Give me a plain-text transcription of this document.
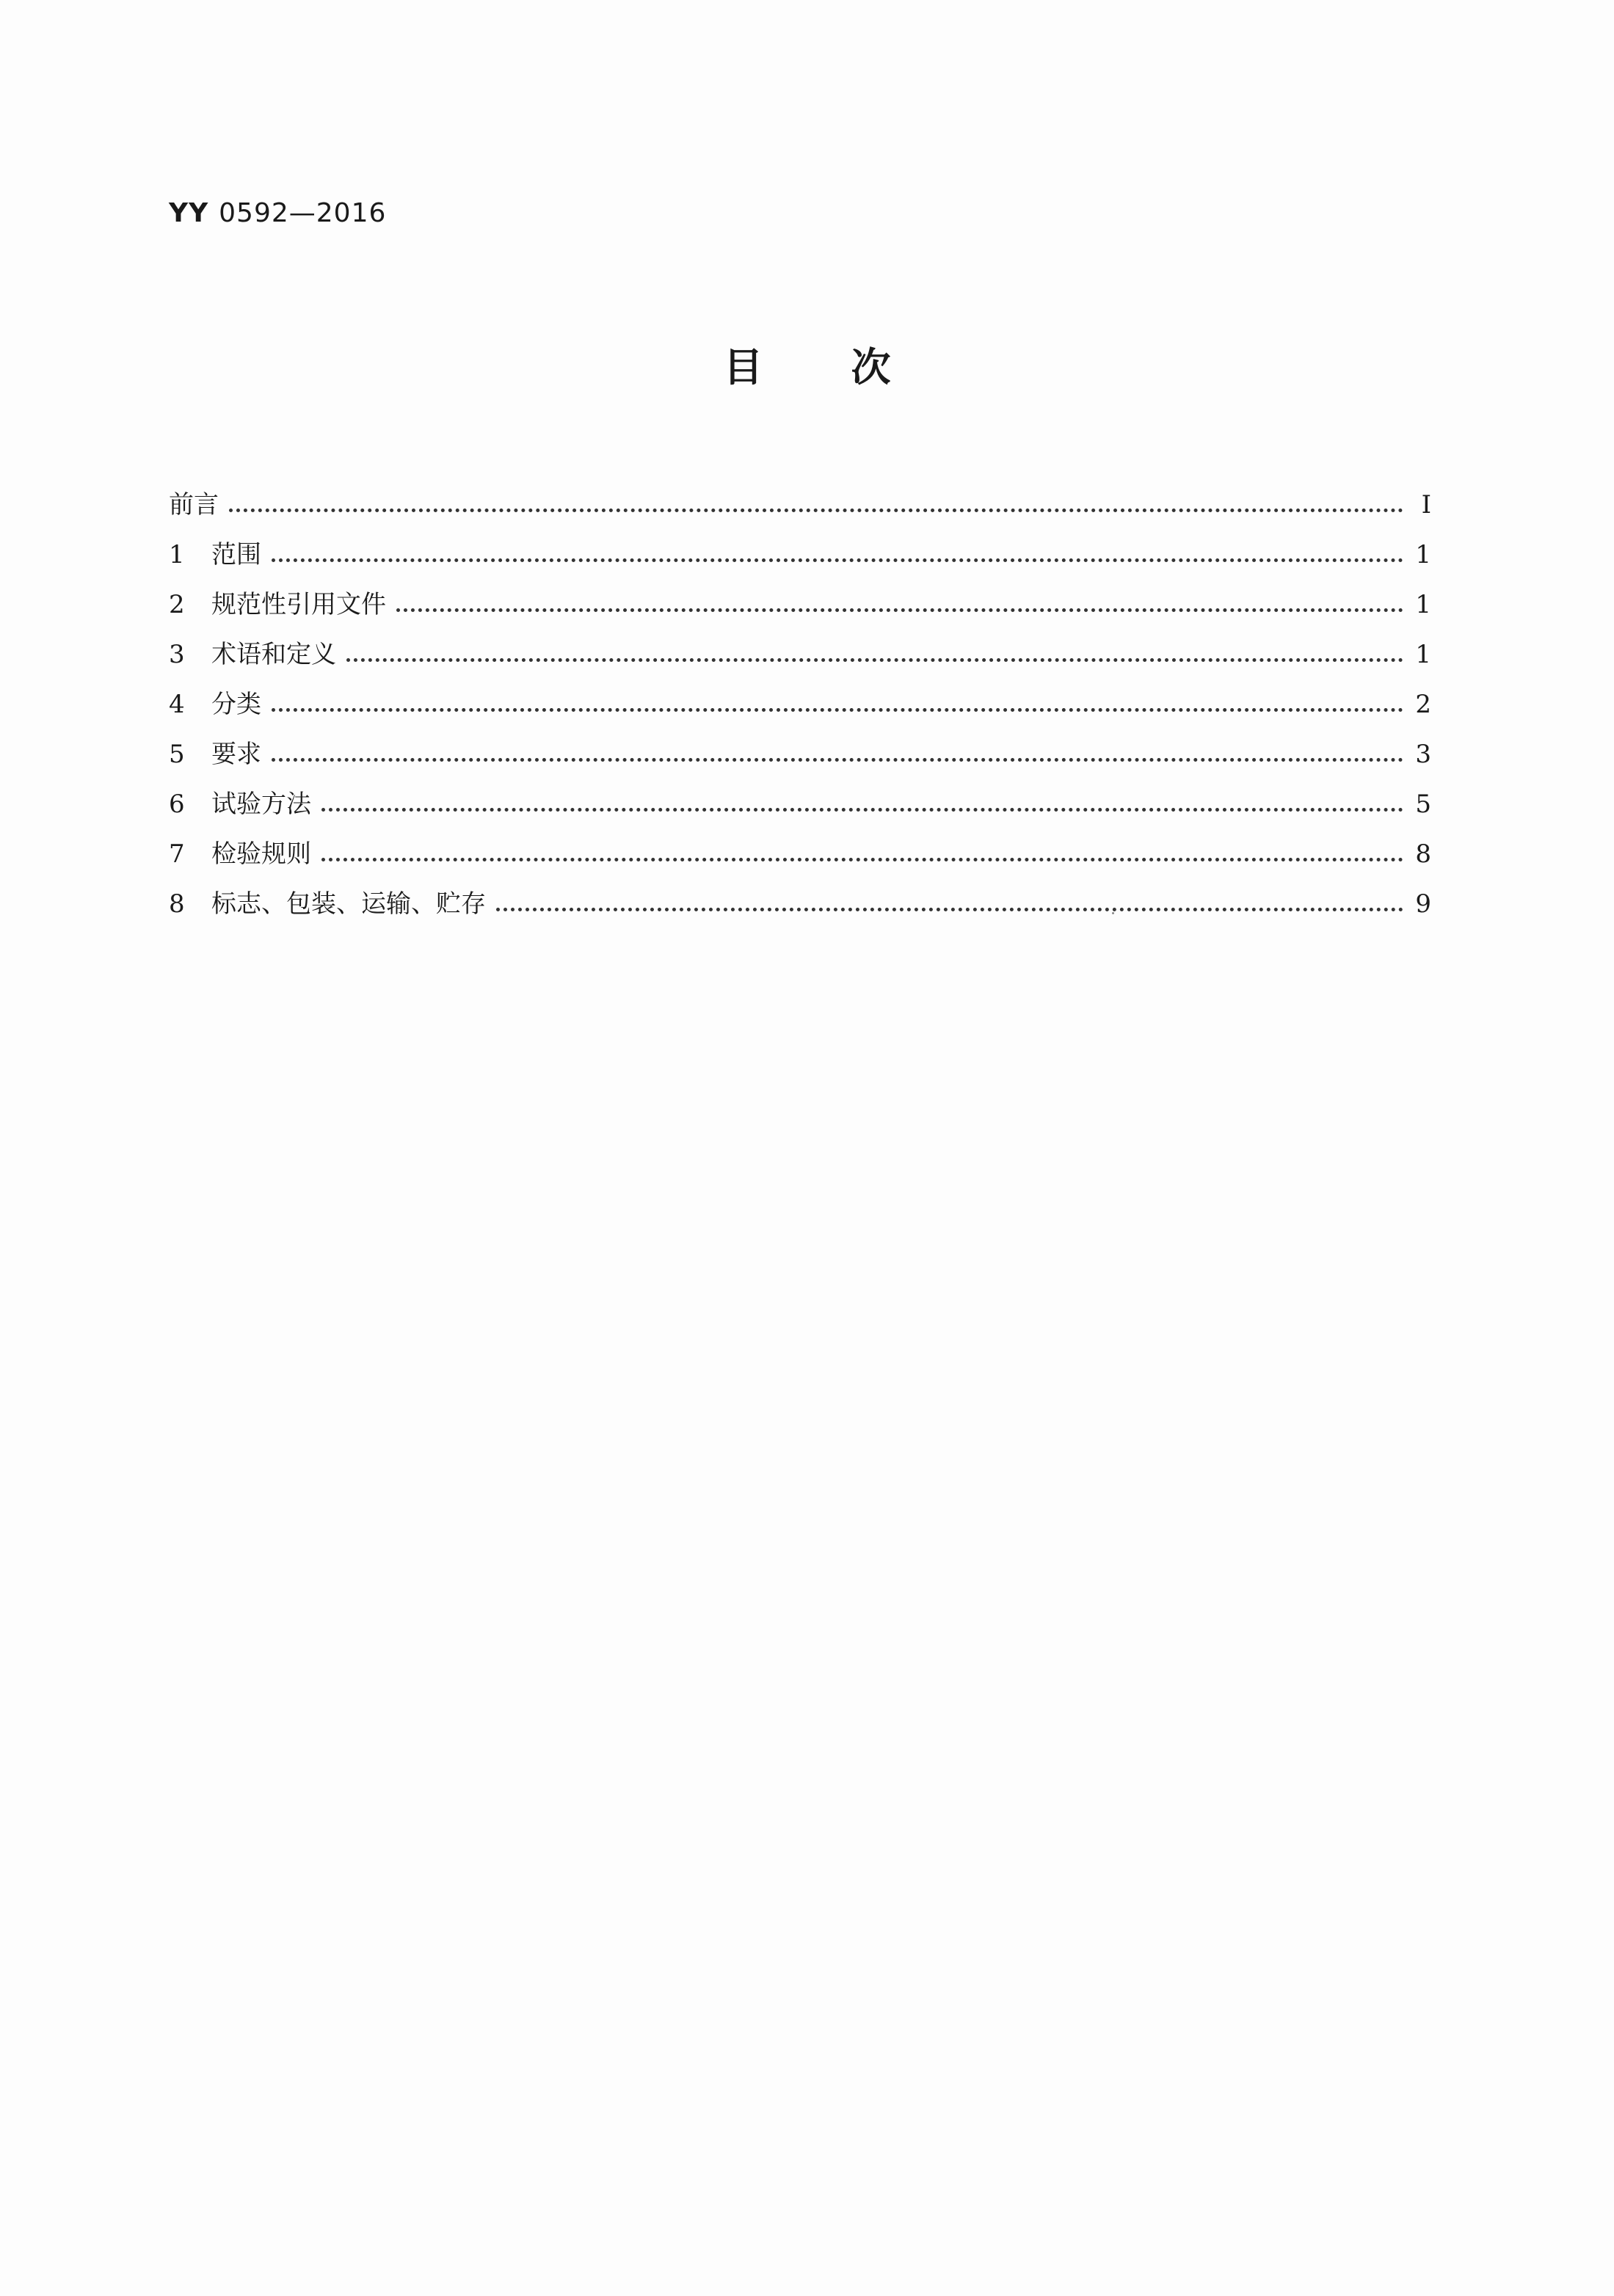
YY 0592—2016
目次
前言	Ⅰ
1	范围	1
2	规范性引用文件	1
3	术语和定义	1
4	分类	2
5	要求	3
6	试验方法	5
7	检验规则	8
8	标志、包装、运输、贮存	9
